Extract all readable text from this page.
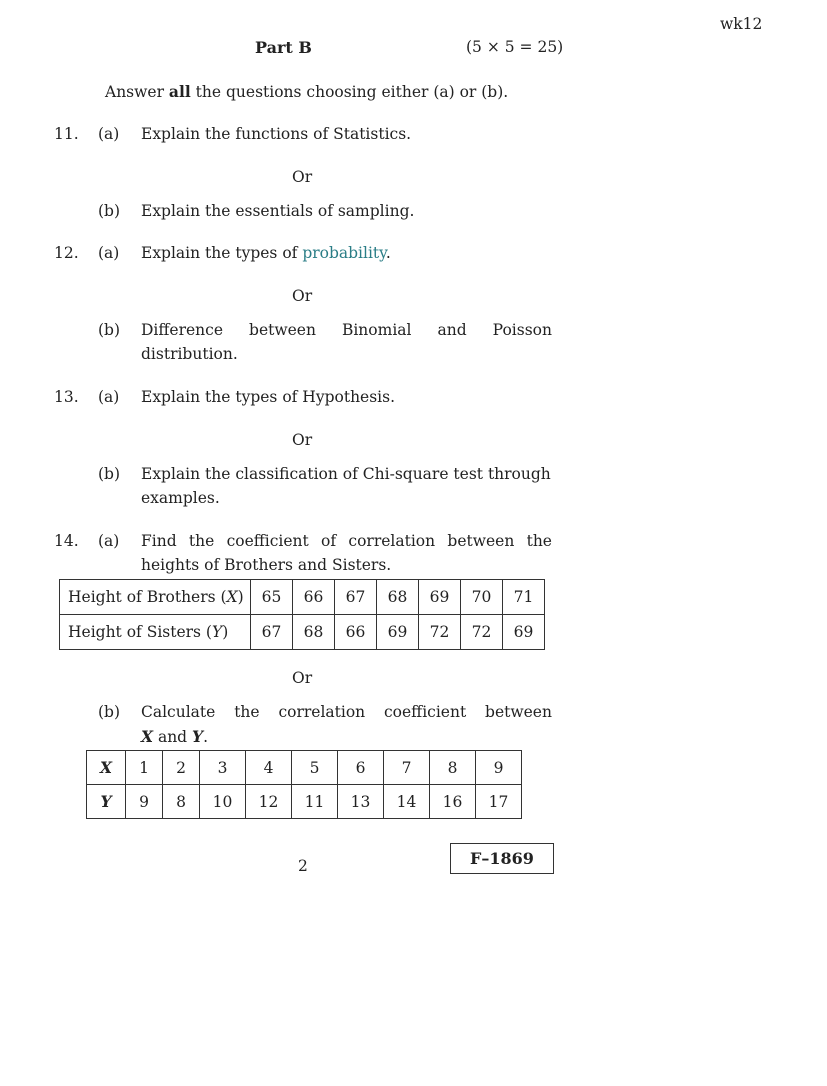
wk12
Part B	(5 × 5 = 25)
Answer all the questions choosing either (a) or (b).
11. (a) Explain the functions of Statistics.
Or
(b) Explain the essentials of sampling.
12. (a) Explain the types of probability.
Or
(b) Difference between Binomial and Poisson
distribution.
13. (a) Explain the types of Hypothesis.
Or
(b) Explain the classification of Chi-square test through
examples.
14. (a) Find the coefficient of correlation between the
heights of Brothers and Sisters.
Height of Brothers (X)	65	66	67	68	69	70	71
Height of Sisters (Y)	67	68	66	69	72	72	69
Or
(b) Calculate the correlation coefficient between
X and Y.
X	1	2	3	4	5	6	7	8	9
Y	9	8	10	12	11	13	14	16	17
2	F–1869
